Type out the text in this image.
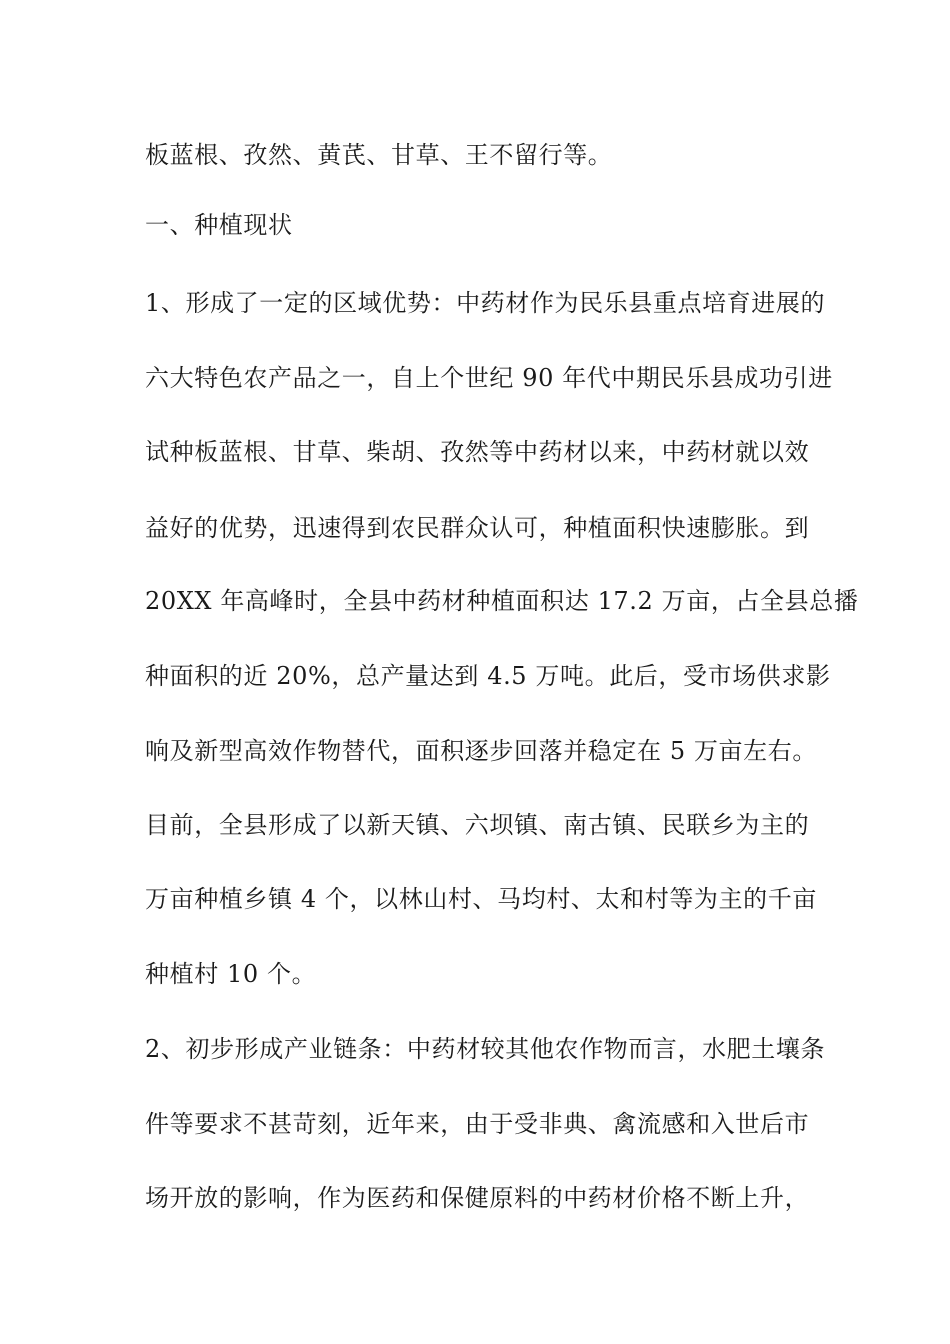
板蓝根、孜然、黄芪、甘草、王不留行等。
一、种植现状
1、形成了一定的区域优势：中药材作为民乐县重点培育进展的
六大特色农产品之一，自上个世纪 90 年代中期民乐县成功引进
试种板蓝根、甘草、柴胡、孜然等中药材以来，中药材就以效
益好的优势，迅速得到农民群众认可，种植面积快速膨胀。到
20XX 年高峰时，全县中药材种植面积达 17.2 万亩，占全县总播
种面积的近 20%，总产量达到 4.5 万吨。此后，受市场供求影
响及新型高效作物替代，面积逐步回落并稳定在 5 万亩左右。
目前，全县形成了以新天镇、六坝镇、南古镇、民联乡为主的
万亩种植乡镇 4 个，以林山村、马均村、太和村等为主的千亩
种植村 10 个。
2、初步形成产业链条：中药材较其他农作物而言，水肥土壤条
件等要求不甚苛刻，近年来，由于受非典、禽流感和入世后市
场开放的影响，作为医药和保健原料的中药材价格不断上升，
